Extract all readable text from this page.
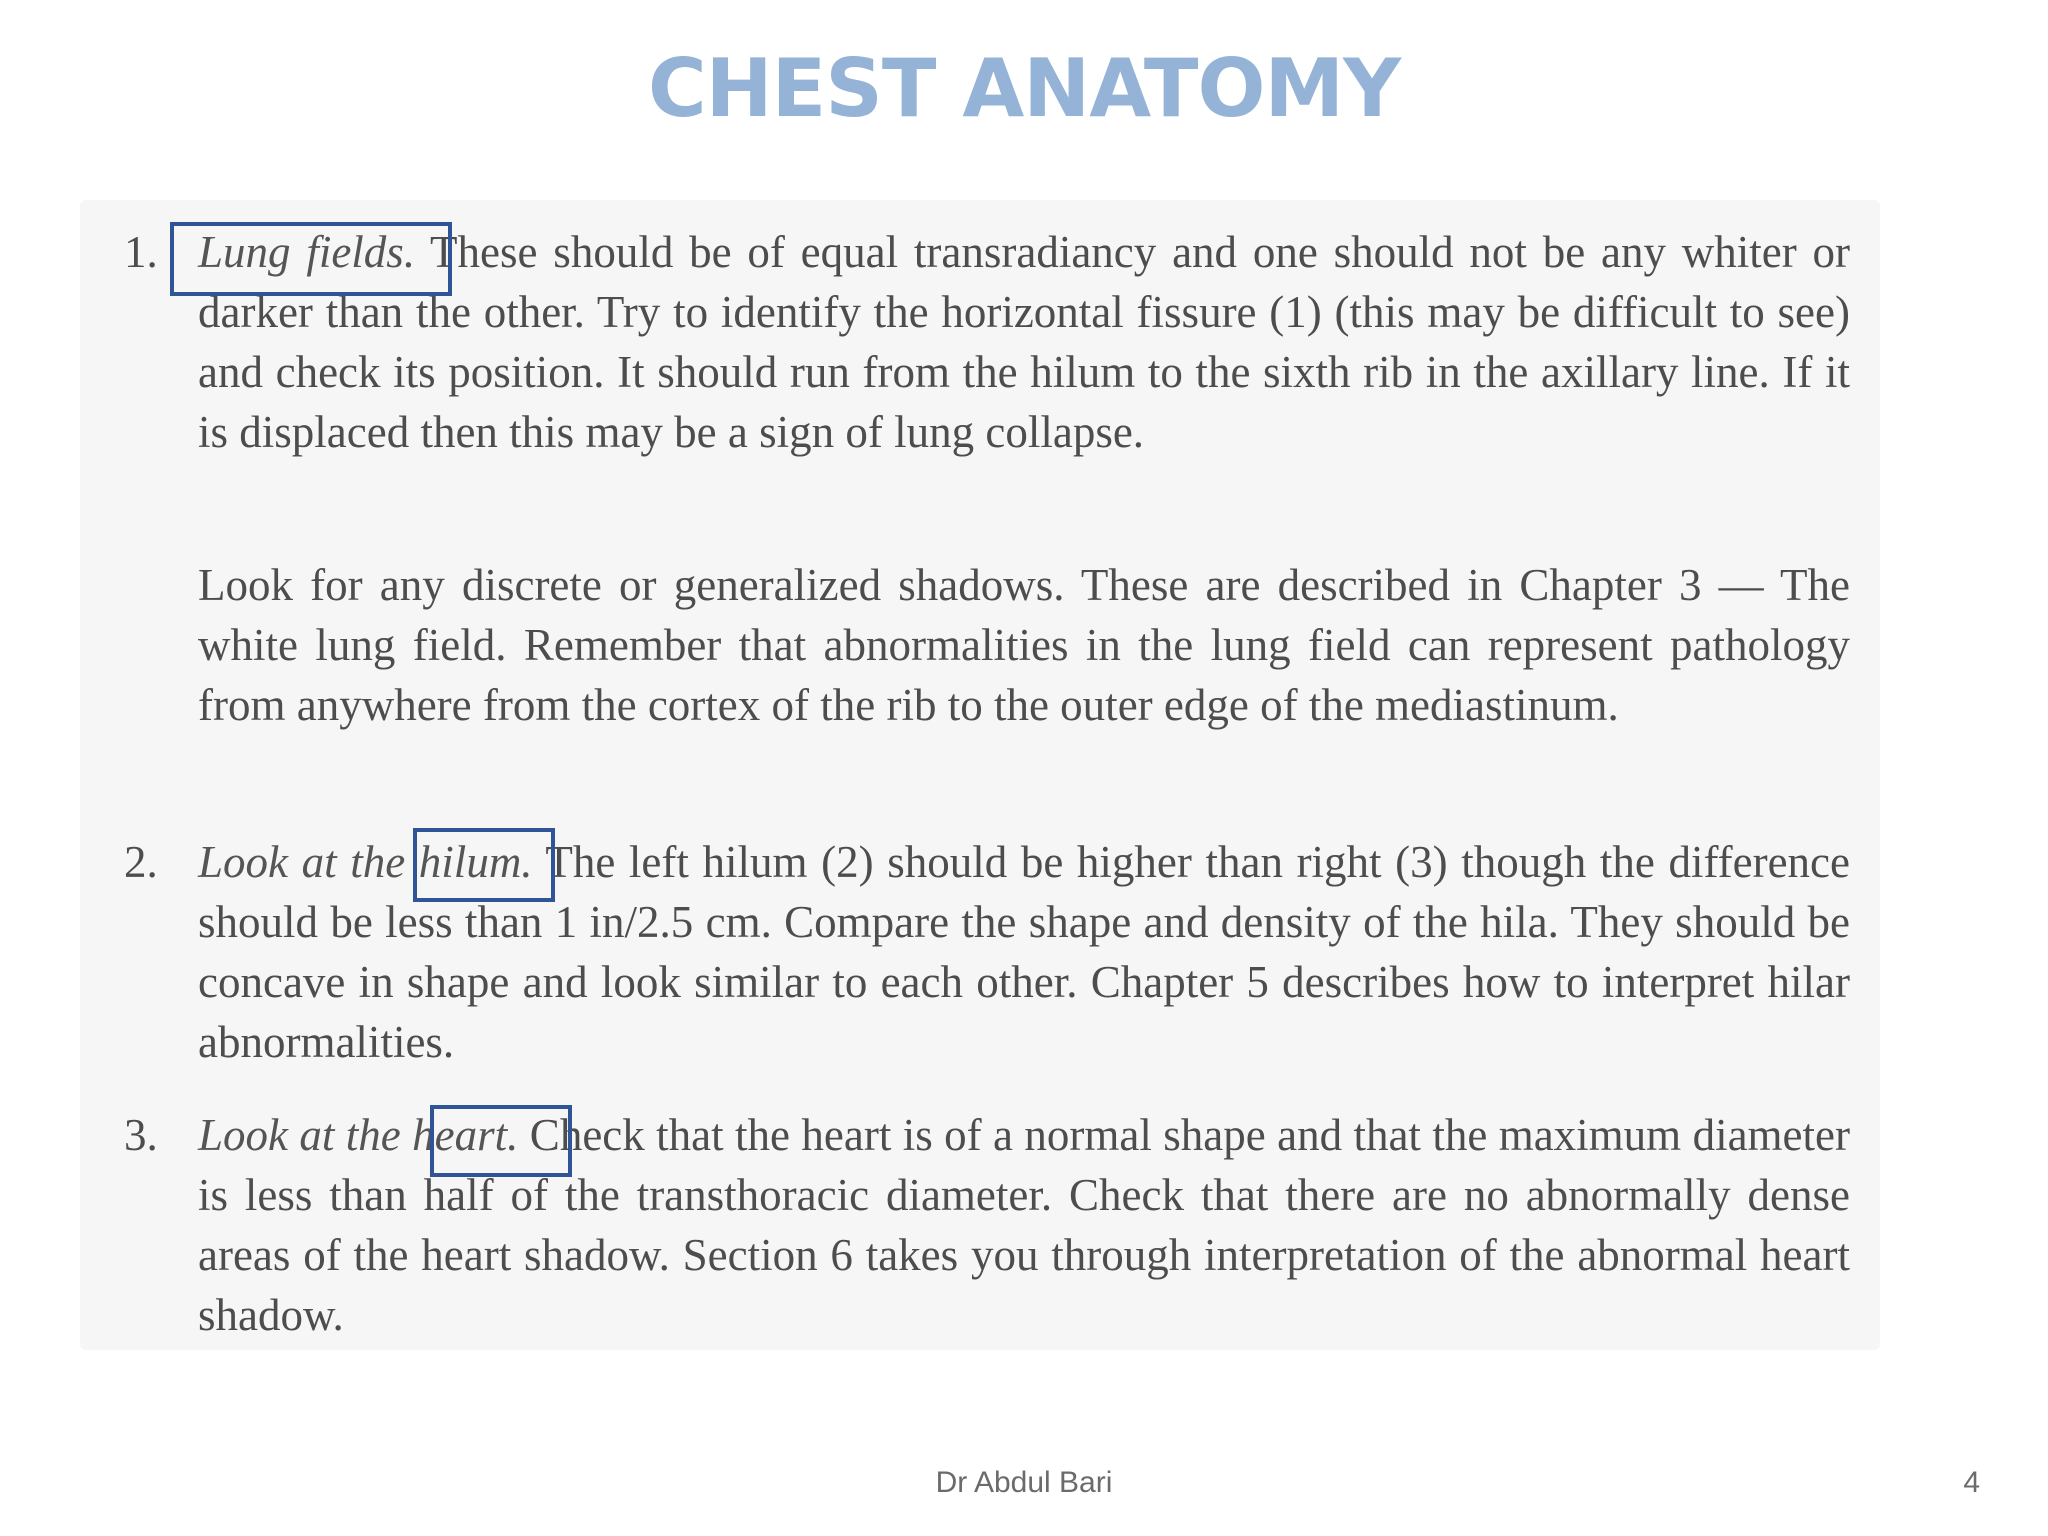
CHEST ANATOMY
1. Lung fields. These should be of equal transradiancy and one should not be any whiter or darker than the other. Try to identify the horizontal fissure (1) (this may be difficult to see) and check its position. It should run from the hilum to the sixth rib in the axillary line. If it is displaced then this may be a sign of lung collapse.
Look for any discrete or generalized shadows. These are described in Chapter 3 — The white lung field. Remember that abnormalities in the lung field can represent pathology from anywhere from the cortex of the rib to the outer edge of the mediastinum.
2. Look at the hilum. The left hilum (2) should be higher than right (3) though the difference should be less than 1 in/2.5 cm. Compare the shape and density of the hila. They should be concave in shape and look similar to each other. Chapter 5 describes how to interpret hilar abnormalities.
3. Look at the heart. Check that the heart is of a normal shape and that the maximum diameter is less than half of the transthoracic diameter. Check that there are no abnormally dense areas of the heart shadow. Section 6 takes you through interpretation of the abnormal heart shadow.
Dr Abdul Bari	4
